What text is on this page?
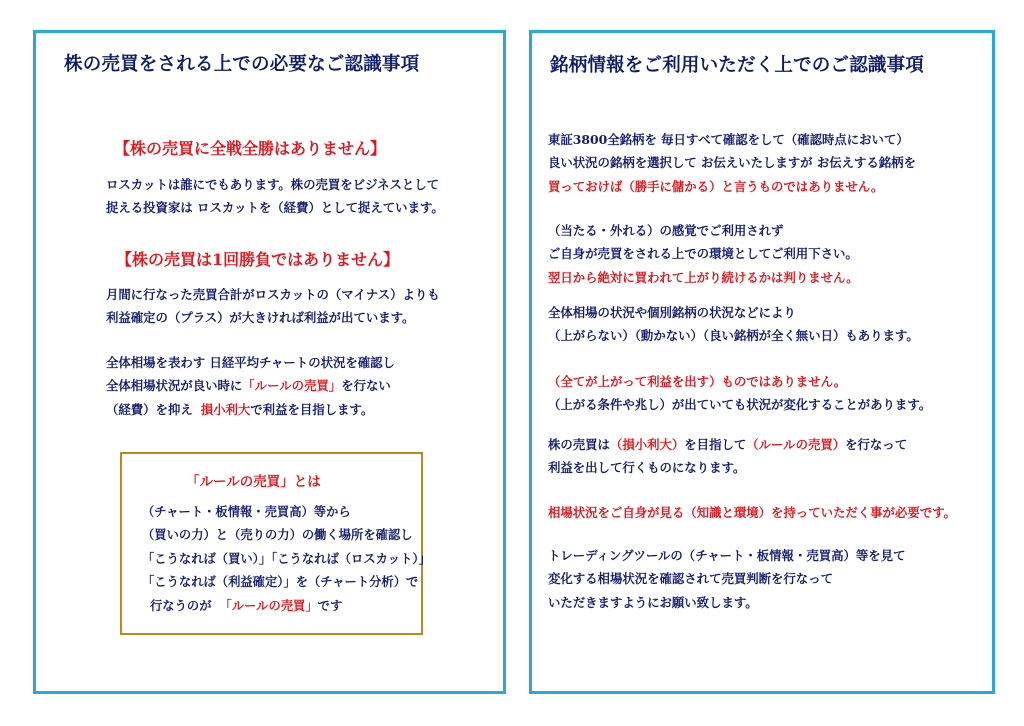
株の売買をされる上での必要なご認識事項
【株の売買に全戦全勝はありません】
ロスカットは誰にでもあります。株の売買をビジネスとして
捉える投資家は ロスカットを（経費）として捉えています。
【株の売買は1回勝負ではありません】
月間に行なった売買合計がロスカットの（マイナス）よりも
利益確定の（プラス）が大きければ利益が出ています。
全体相場を表わす 日経平均チャートの状況を確認し
全体相場状況が良い時に「ルールの売買」を行ない
（経費）を抑え 損小利大で利益を目指します。
「ルールの売買」とは
（チャート・板情報・売買高）等から
（買いの力）と（売りの力）の働く場所を確認し
「こうなれば（買い）」「こうなれば（ロスカット）」
「こうなれば（利益確定）」を（チャート分析）で
行なうのが 「ルールの売買」です
銘柄情報をご利用いただく上でのご認識事項
東証3800全銘柄を 毎日すべて確認をして（確認時点において）
良い状況の銘柄を選択して お伝えいたしますが お伝えする銘柄を
買っておけば（勝手に儲かる）と言うものではありません。
（当たる・外れる）の感覚でご利用されず
ご自身が売買をされる上での環境としてご利用下さい。
翌日から絶対に買われて上がり続けるかは判りません。
全体相場の状況や個別銘柄の状況などにより
（上がらない）（動かない）（良い銘柄が全く無い日）もあります。
（全てが上がって利益を出す）ものではありません。
（上がる条件や兆し）が出ていても状況が変化することがあります。
株の売買は（損小利大）を目指して（ルールの売買）を行なって
利益を出して行くものになります。
相場状況をご自身が見る（知識と環境）を持っていただく事が必要です。
トレーディングツールの（チャート・板情報・売買高）等を見て
変化する相場状況を確認されて売買判断を行なって
いただきますようにお願い致します。
